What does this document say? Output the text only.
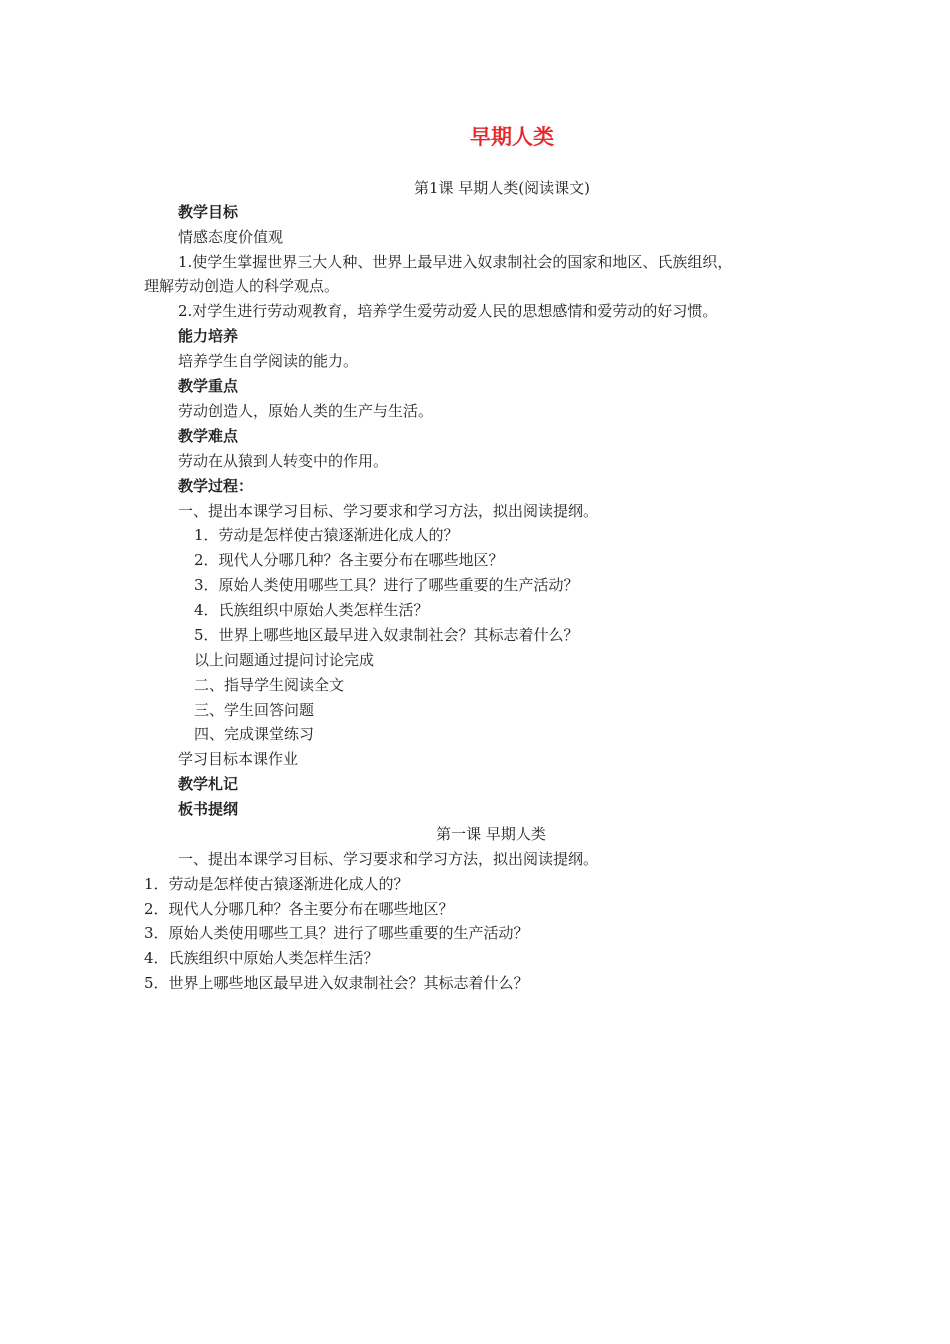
早期人类
第1课 早期人类(阅读课文)
教学目标
情感态度价值观
1.使学生掌握世界三大人种、世界上最早进入奴隶制社会的国家和地区、氏族组织，
理解劳动创造人的科学观点。
2.对学生进行劳动观教育，培养学生爱劳动爱人民的思想感情和爱劳动的好习惯。
能力培养
培养学生自学阅读的能力。
教学重点
劳动创造人，原始人类的生产与生活。
教学难点
劳动在从猿到人转变中的作用。
教学过程：
一、提出本课学习目标、学习要求和学习方法，拟出阅读提纲。
1．劳动是怎样使古猿逐渐进化成人的？
2．现代人分哪几种？各主要分布在哪些地区？
3．原始人类使用哪些工具？进行了哪些重要的生产活动？
4．氏族组织中原始人类怎样生活？
5．世界上哪些地区最早进入奴隶制社会？其标志着什么？
以上问题通过提问讨论完成
二、指导学生阅读全文
三、学生回答问题
四、完成课堂练习
学习目标本课作业
教学札记
板书提纲
第一课 早期人类
一、提出本课学习目标、学习要求和学习方法，拟出阅读提纲。
1．劳动是怎样使古猿逐渐进化成人的？
2．现代人分哪几种？各主要分布在哪些地区？
3．原始人类使用哪些工具？进行了哪些重要的生产活动？
4．氏族组织中原始人类怎样生活？
5．世界上哪些地区最早进入奴隶制社会？其标志着什么？
